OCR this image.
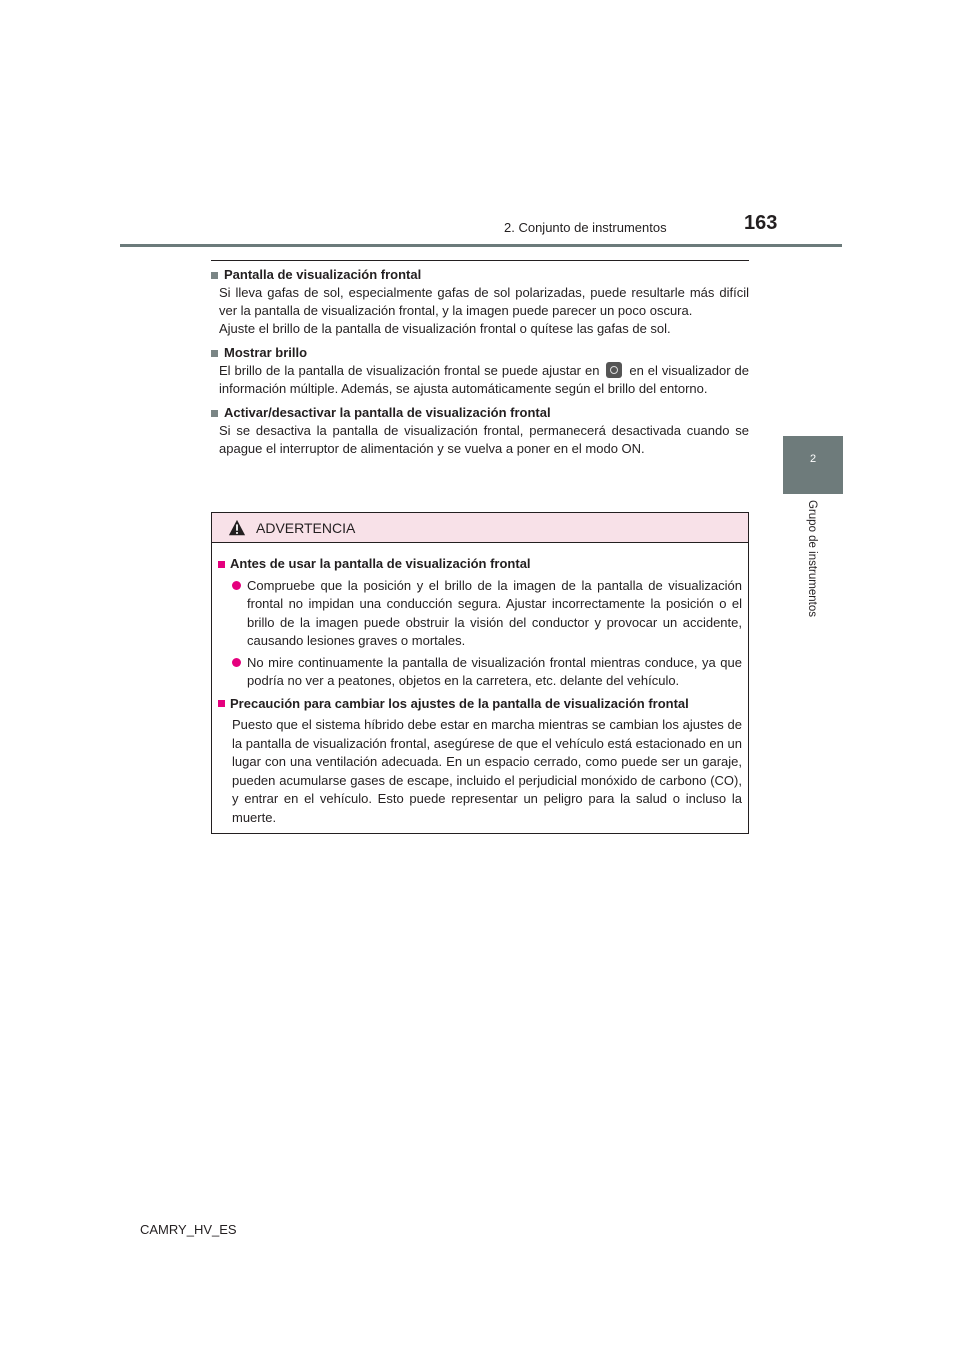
2. Conjunto de instrumentos	163
2
Grupo de instrumentos
Pantalla de visualización frontal
Si lleva gafas de sol, especialmente gafas de sol polarizadas, puede resultarle más difícil ver la pantalla de visualización frontal, y la imagen puede parecer un poco oscura.
Ajuste el brillo de la pantalla de visualización frontal o quítese las gafas de sol.
Mostrar brillo
El brillo de la pantalla de visualización frontal se puede ajustar en en el visualizador de información múltiple. Además, se ajusta automáticamente según el brillo del entorno.
Activar/desactivar la pantalla de visualización frontal
Si se desactiva la pantalla de visualización frontal, permanecerá desactivada cuando se apague el interruptor de alimentación y se vuelva a poner en el modo ON.
ADVERTENCIA
Antes de usar la pantalla de visualización frontal
Compruebe que la posición y el brillo de la imagen de la pantalla de visualización frontal no impidan una conducción segura. Ajustar incorrectamente la posición o el brillo de la imagen puede obstruir la visión del conductor y provocar un accidente, causando lesiones graves o mortales.
No mire continuamente la pantalla de visualización frontal mientras conduce, ya que podría no ver a peatones, objetos en la carretera, etc. delante del vehículo.
Precaución para cambiar los ajustes de la pantalla de visualización frontal
Puesto que el sistema híbrido debe estar en marcha mientras se cambian los ajustes de la pantalla de visualización frontal, asegúrese de que el vehículo está estacionado en un lugar con una ventilación adecuada. En un espacio cerrado, como puede ser un garaje, pueden acumularse gases de escape, incluido el perjudicial monóxido de carbono (CO), y entrar en el vehículo. Esto puede representar un peligro para la salud o incluso la muerte.
CAMRY_HV_ES
